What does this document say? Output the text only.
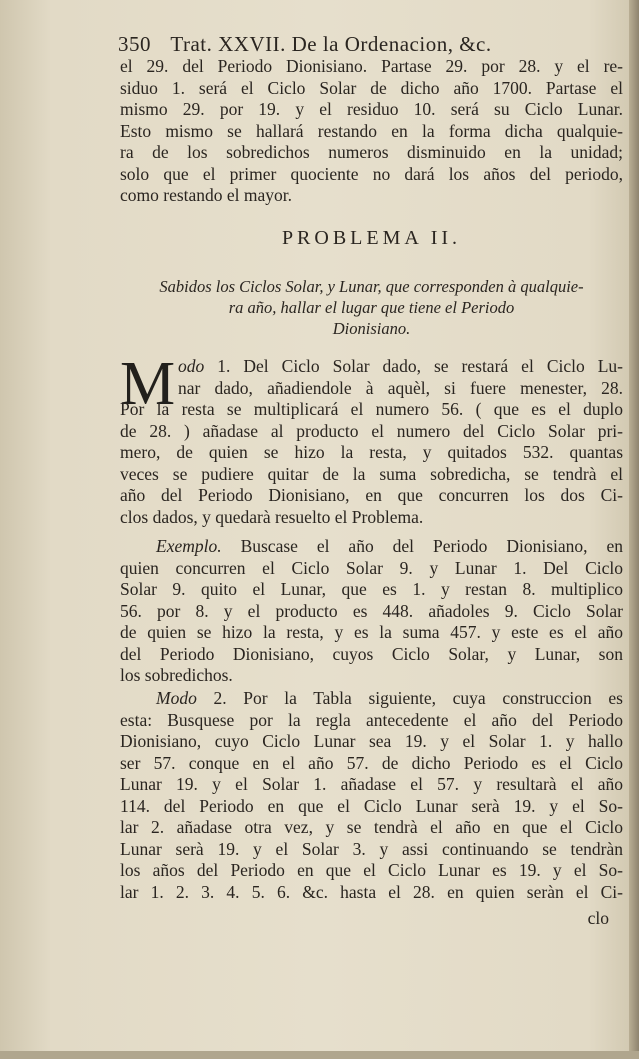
350 Trat. XXVII. De la Ordenacion, &c.
el 29. del Periodo Dionisiano. Partase 29. por 28. y el re-
siduo 1. será el Ciclo Solar de dicho año 1700. Partase el
mismo 29. por 19. y el residuo 10. será su Ciclo Lunar.
Esto mismo se hallará restando en la forma dicha qualquie-
ra de los sobredichos numeros disminuido en la unidad;
solo que el primer quociente no dará los años del periodo,
como restando el mayor.
PROBLEMA II.
Sabidos los Ciclos Solar, y Lunar, que corresponden à qualquie-
ra año, hallar el lugar que tiene el Periodo
Dionisiano.
M odo 1. Del Ciclo Solar dado, se restará el Ciclo Lu-
nar dado, añadiendole à aquèl, si fuere menester, 28.
Por la resta se multiplicará el numero 56. ( que es el duplo
de 28. ) añadase al producto el numero del Ciclo Solar pri-
mero, de quien se hizo la resta, y quitados 532. quantas
veces se pudiere quitar de la suma sobredicha, se tendrà el
año del Periodo Dionisiano, en que concurren los dos Ci-
clos dados, y quedarà resuelto el Problema.
Exemplo. Buscase el año del Periodo Dionisiano, en
quien concurren el Ciclo Solar 9. y Lunar 1. Del Ciclo
Solar 9. quito el Lunar, que es 1. y restan 8. multiplico
56. por 8. y el producto es 448. añadoles 9. Ciclo Solar
de quien se hizo la resta, y es la suma 457. y este es el año
del Periodo Dionisiano, cuyos Ciclo Solar, y Lunar, son
los sobredichos.
Modo 2. Por la Tabla siguiente, cuya construccion es
esta: Busquese por la regla antecedente el año del Periodo
Dionisiano, cuyo Ciclo Lunar sea 19. y el Solar 1. y hallo
ser 57. conque en el año 57. de dicho Periodo es el Ciclo
Lunar 19. y el Solar 1. añadase el 57. y resultarà el año
114. del Periodo en que el Ciclo Lunar serà 19. y el So-
lar 2. añadase otra vez, y se tendrà el año en que el Ciclo
Lunar serà 19. y el Solar 3. y assi continuando se tendràn
los años del Periodo en que el Ciclo Lunar es 19. y el So-
lar 1. 2. 3. 4. 5. 6. &c. hasta el 28. en quien seràn el Ci-
clo
